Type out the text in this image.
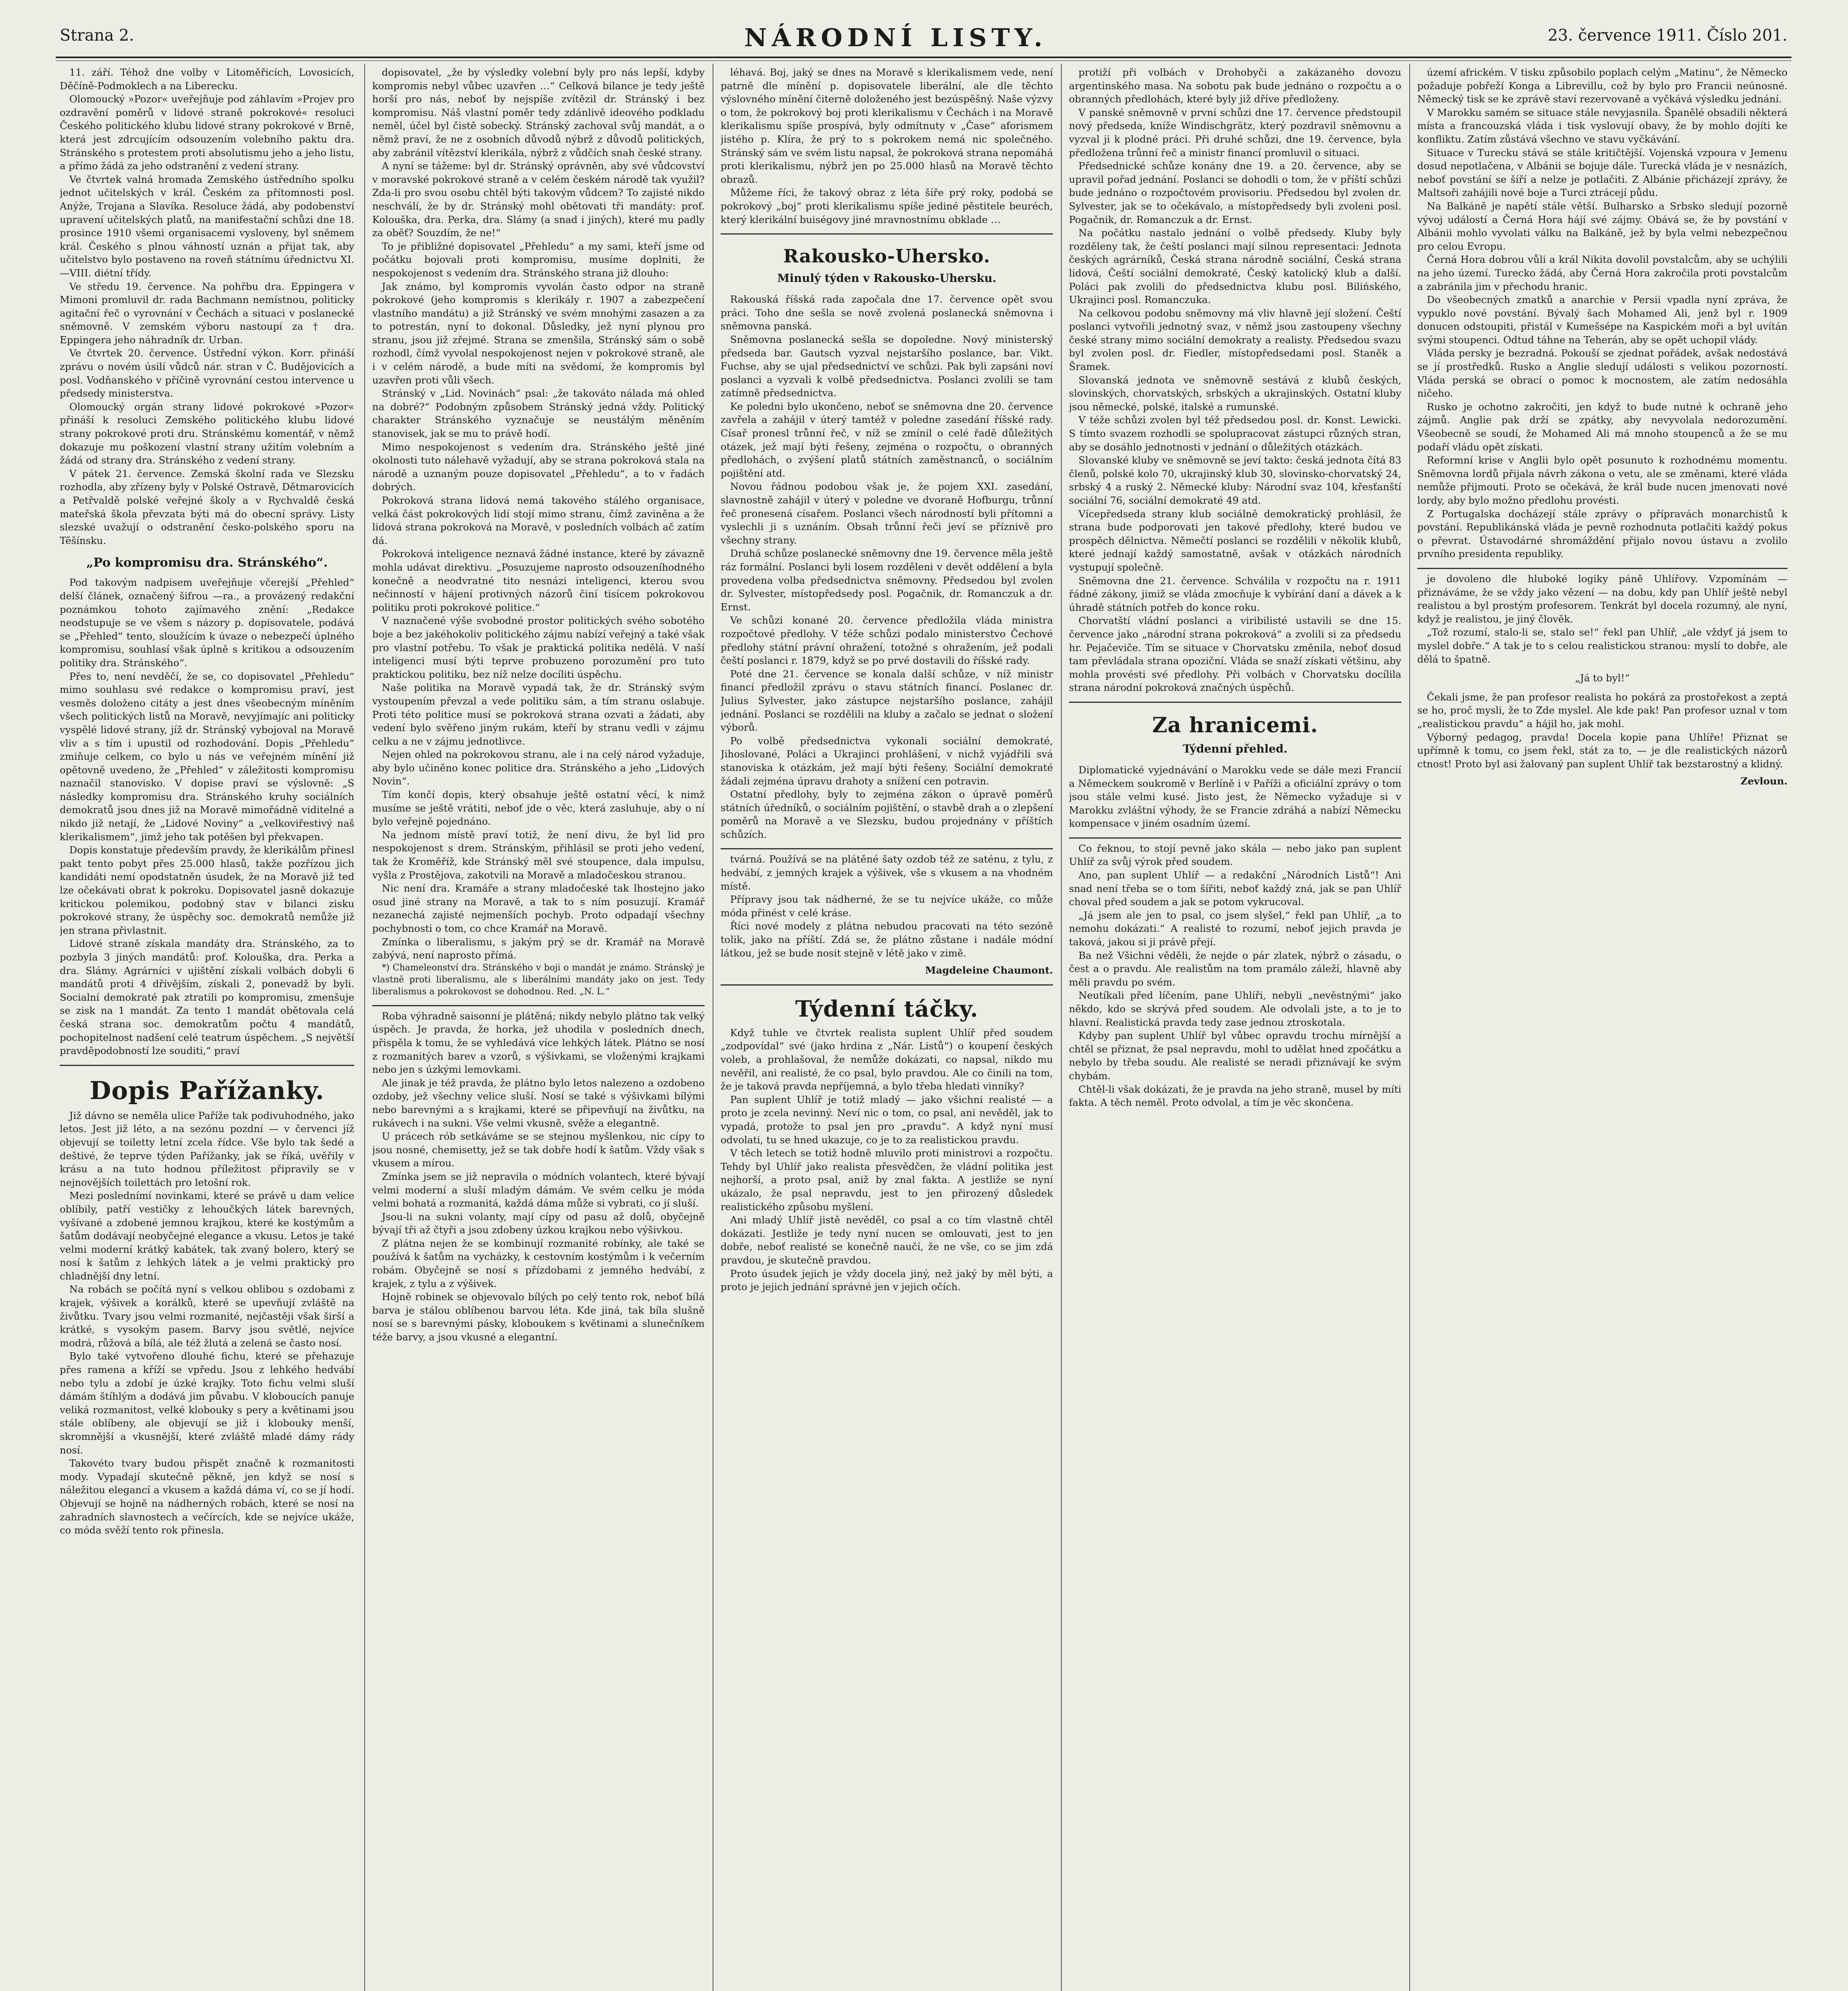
Strana 2.	NÁRODNÍ LISTY.	23. července 1911. Číslo 201.

11. září. Téhož dne volby v Litoměřicích, Lovosicích, Děčíně-Podmoklech a na Liberecku.

Olomoucký »Pozor« uveřejňuje pod záhlavím »Projev pro ozdravění poměrů v lidové straně pokrokové« resoluci Českého politického klubu lidové strany pokrokové v Brně, která jest zdrcujícím odsouzením volebního paktu dra. Stránského s protestem proti absolutismu jeho a jeho listu, a přímo žádá za jeho odstranění z vedení strany.

Ve čtvrtek valná hromada Zemského ústředního spolku jednot učitelských v král. Českém za přítomnosti posl. Anýže, Trojana a Slavíka. Resoluce žádá, aby podobenství upravení učitelských platů, na manifestační schůzi dne 18. prosince 1910 všemi organisacemi vysloveny, byl sněmem král. Českého s plnou váhností uznán a přijat tak, aby učitelstvo bylo postaveno na roveň státnímu úřednictvu XI.—VIII. diétní třídy.

Ve středu 19. července. Na pohřbu dra. Eppingera v Mimoni promluvil dr. rada Bachmann nemístnou, politicky agitační řeč o vyrovnání v Čechách a situaci v poslanecké sněmovně. V zemském výboru nastoupí za † dra. Eppingera jeho náhradník dr. Urban.

Ve čtvrtek 20. července. Ústřední výkon. Korr. přináší zprávu o novém úsilí vůdců nár. stran v Č. Budějovicích a posl. Vodňanského v příčině vyrovnání cestou intervence u předsedy ministerstva.

Olomoucký orgán strany lidové pokrokové »Pozor« přináší k resoluci Zemského politického klubu lidové strany pokrokové proti dru. Stránskému komentář, v němž dokazuje mu poškození vlastní strany užitím volebním a žádá od strany dra. Stránského z vedení strany.

V pátek 21. července. Zemská školní rada ve Slezsku rozhodla, aby zřízeny byly v Polské Ostravě, Dětmarovicích a Petřvaldě polské veřejné školy a v Rychvaldě česká mateřská škola převzata býti má do obecní správy. Listy slezské uvažují o odstranění česko-polského sporu na Těšínsku.

„Po kompromisu dra. Stránského“.

Pod takovým nadpisem uveřejňuje včerejší „Přehled“ delší článek, označený šifrou —ra., a provázený redakční poznámkou tohoto zajímavého znění: „Redakce neodstupuje se ve všem s názory p. dopisovatele, podává se „Přehled“ tento, sloužícím k úvaze o nebezpečí úplného kompromisu, souhlasí však úplně s kritikou a odsouzením politiky dra. Stránského“.

Přes to, není nevděčí, že se, co dopisovatel „Přehledu“ mimo souhlasu své redakce o kompromisu praví, jest vesměs doloženo citáty a jest dnes všeobecným míněním všech politických listů na Moravě, nevyjímajíc ani politicky vyspělé lidové strany, jíž dr. Stránský vybojoval na Moravě vliv a s tím i upustil od rozhodování. Dopis „Přehledu“ zmiňuje celkem, co bylo u nás ve veřejném mínění již opětovně uvedeno, že „Přehled“ v záležitosti kompromisu naznačil stanovisko. V dopise praví se výslovně: „S následky kompromisu dra. Stránského kruhy sociálních demokratů jsou dnes již na Moravě mimořádně viditelné a nikdo již netají, že „Lidové Noviny“ a „velkoviřestivý naš klerikalismem“, jimž jeho tak potěšen byl překvapen.

Dopis konstatuje především pravdy, že klerikálům přinesl pakt tento pobyt přes 25.000 hlasů, takže pozřízou jich kandidáti nemí opodstatněn úsudek, že na Moravě již teď lze očekávati obrat k pokroku. Dopisovatel jasně dokazuje kritickou polemikou, podobný stav v bilanci zisku pokrokové strany, že úspěchy soc. demokratů nemůže již jen strana přivlastnit.

Lidové straně získala mandáty dra. Stránského, za to pozbyla 3 jiných mandátů: prof. Kolouška, dra. Perka a dra. Slámy. Agrárníci v ujištění získali volbách dobyli 6 mandátů proti 4 dřívějším, získali 2, ponevadž by byli. Socialní demokraté pak ztratili po kompromisu, zmenšuje se zisk na 1 mandát. Za tento 1 mandát obětovala celá česká strana soc. demokratům počtu 4 mandátů, pochopitelnost nadšení celé teatrum úspěchem. „S největší pravděpodobností lze souditi,“ praví

Dopis Pařížanky.

Již dávno se neměla ulice Paříže tak podivuhodného, jako letos. Jest již léto, a na sezónu pozdní — v červenci jíž objevují se toiletty letní zcela řídce. Vše bylo tak šedé a deštivé, že teprve týden Pařížanky, jak se říká, uvěřily v krásu a na tuto hodnou příležitost připravily se v nejnovějších toilettách pro letošní rok.

Mezi poslednímí novinkami, které se právě u dam velice oblíbily, patří vestičky z lehoučkých látek barevných, vyšívané a zdobené jemnou krajkou, které ke kostýmům a šatům dodávají neobyčejné elegance a vkusu. Letos je také velmi moderní krátký kabátek, tak zvaný bolero, který se nosí k šatům z lehkých látek a je velmi praktický pro chladnější dny letní.

Na robách se počítá nyní s velkou oblibou s ozdobami z krajek, výšivek a korálků, které se upevňují zvláště na živůtku. Tvary jsou velmi rozmanité, nejčastěji však širší a krátké, s vysokým pasem. Barvy jsou světlé, nejvíce modrá, růžová a bílá, ale též žlutá a zelená se často nosí.

Bylo také vytvořeno dlouhé fichu, které se přehazuje přes ramena a kříží se vpředu. Jsou z lehkého hedvábí nebo tylu a zdobí je úzké krajky. Toto fichu velmi sluší dámám štíhlým a dodává jim půvabu. V kloboucích panuje veliká rozmanitost, velké klobouky s pery a květinami jsou stále oblíbeny, ale objevují se již i klobouky menší, skromnější a vkusnější, které zvláště mladé dámy rády nosí.

Takovéto tvary budou přispět značně k rozmanitosti mody. Vypadají skutečně pěkně, jen když se nosí s náležitou elegancí a vkusem a každá dáma ví, co se jí hodí. Objevují se hojně na nádherných robách, které se nosí na zahradních slavnostech a večírcích, kde se nejvíce ukáže, co móda svěží tento rok přinesla.

dopisovatel, „že by výsledky volební byly pro nás lepší, kdyby kompromis nebyl vůbec uzavřen …“ Celková bilance je tedy ještě horší pro nás, neboť by nejspíše zvítězil dr. Stránský i bez kompromisu. Náš vlastní poměr tedy zdánlivě ideového podkladu neměl, účel byl čistě sobecký. Stránský zachoval svůj mandát, a o němž praví, že ne z osobních důvodů nýbrž z důvodů politických, aby zabránil vítězství klerikála, nýbrž z vůdčích snah české strany.

A nyní se tážeme: byl dr. Stránský oprávněn, aby své vůdcovství v moravské pokrokové straně a v celém českém národě tak využil? Zda-li pro svou osobu chtěl býti takovým vůdcem? To zajisté nikdo neschválí, že by dr. Stránský mohl obětovati tři mandáty: prof. Kolouška, dra. Perka, dra. Slámy (a snad i jiných), které mu padly za oběť? Souzdím, že ne!“

To je přibližné dopisovatel „Přehledu“ a my sami, kteří jsme od počátku bojovali proti kompromisu, musíme doplniti, že nespokojenost s vedením dra. Stránského strana již dlouho:

Jak známo, byl kompromis vyvolán často odpor na straně pokrokové (jeho kompromis s klerikály r. 1907 a zabezpečení vlastního mandátu) a již Stránský ve svém mnohými zasazen a za to potrestán, nyní to dokonal. Důsledky, jež nyní plynou pro stranu, jsou již zřejmé. Strana se zmenšila, Stránský sám o sobě rozhodl, čímž vyvolal nespokojenost nejen v pokrokové straně, ale i v celém národě, a bude míti na svědomí, že kompromis byl uzavřen proti vůli všech.

Stránský v „Lid. Novinách“ psal: „že takováto nálada má ohled na dobré?“ Podobným způsobem Stránský jedná vždy. Politický charakter Stránského vyznačuje se neustálým měněním stanovisek, jak se mu to právě hodí.

Mimo nespokojenost s vedením dra. Stránského ještě jiné okolnosti tuto nálehavě vyžadují, aby se strana pokroková stala na národě a uznaným pouze dopisovatel „Přehledu“, a to v řadách dobrých.

Pokroková strana lidová nemá takového stálého organisace, velká část pokrokových lidí stojí mimo stranu, čímž zaviněna a že lidová strana pokroková na Moravě, v posledních volbách ač zatím dá.

Pokroková inteligence neznavá žádné instance, které by závazně mohla udávat direktivu. „Posuzujeme naprosto odsouzeníhodného konečně a neodvratné tito nesnázi inteligenci, kterou svou nečinností v hájení protivných názorů činí tisícem pokrokovou politiku proti pokrokové politice.“

V naznačené výše svobodné prostor politických svého sobotého boje a bez jakéhokoliv politického zájmu nabízí veřejný a také však pro vlastní potřebu. To však je praktická politika nedělá. V naší inteligenci musí býti teprve probuzeno porozumění pro tuto praktickou politiku, bez níž nelze docíliti úspěchu.

Naše politika na Moravě vypadá tak, že dr. Stránský svým vystoupením převzal a vede politiku sám, a tím stranu oslabuje. Proti této politice musí se pokroková strana ozvati a žádati, aby vedení bylo svěřeno jiným rukám, kteří by stranu vedli v zájmu celku a ne v zájmu jednotlivce.

Nejen ohled na pokrokovou stranu, ale i na celý národ vyžaduje, aby bylo učiněno konec politice dra. Stránského a jeho „Lidových Novin“.

Tím končí dopis, který obsahuje ještě ostatní věcí, k nimž musíme se ještě vrátiti, neboť jde o věc, která zasluhuje, aby o ní bylo veřejně pojednáno.

Na jednom místě praví totiž, že není divu, že byl lid pro nespokojenost s drem. Stránským, přihlásil se proti jeho vedení, tak že Kroměříž, kde Stránský měl své stoupence, dala impulsu, vyšla z Prostějova, zakotvili na Moravě a mladočeskou stranou.

Nic není dra. Kramáře a strany mladočeské tak lhostejno jako osud jiné strany na Moravě, a tak to s ním posuzují. Kramář nezanechá zajisté nejmenších pochyb. Proto odpadají všechny pochybnosti o tom, co chce Kramář na Moravě.

Zmínka o liberalismu, s jakým prý se dr. Kramář na Moravě zabývá, není naprosto přímá.

*) Chameleonství dra. Stránského v boji o mandát je známo. Stránský je vlastně proti liberalismu, ale s liberálními mandáty jako on jest. Tedy liberalismus a pokrokovost se dohodnou. Red. „N. L.“

Roba výhradně saisonní je plátěná; nikdy nebylo plátno tak velký úspěch. Je pravda, že horka, jež uhodila v posledních dnech, přispěla k tomu, že se vyhledává více lehkých látek. Plátno se nosí z rozmanitých barev a vzorů, s výšivkami, se vloženými krajkami nebo jen s úzkými lemovkami.

Ale jinak je též pravda, že plátno bylo letos nalezeno a ozdobeno ozdoby, jež všechny velice sluší. Nosí se také s výšivkami bílými nebo barevnými a s krajkami, které se připevňují na živůtku, na rukávech i na sukni. Vše velmi vkusně, svěže a elegantně.

U prácech rób setkáváme se se stejnou myšlenkou, nic cípy to jsou nosné, chemisetty, jež se tak dobře hodí k šatům. Vždy však s vkusem a mírou.

Zmínka jsem se již nepravila o módních volantech, které bývají velmi moderní a sluší mladým dámám. Ve svém celku je móda velmi bohatá a rozmanitá, každá dáma může si vybrati, co jí sluší.

Jsou-li na sukni volanty, mají cípy od pasu až dolů, obyčejně bývají tři až čtyři a jsou zdobeny úzkou krajkou nebo výšivkou.

Z plátna nejen že se kombinují rozmanité robínky, ale také se používá k šatům na vycházky, k cestovním kostýmům i k večerním robám. Obyčejně se nosí s přízdobami z jemného hedvábí, z krajek, z tylu a z výšivek.

Hojně robinek se objevovalo bílých po celý tento rok, neboť bílá barva je stálou oblíbenou barvou léta. Kde jiná, tak bíla slušně nosí se s barevnými pásky, kloboukem s květinami a slunečníkem téže barvy, a jsou vkusné a elegantní.

léhavá. Boj, jaký se dnes na Moravě s klerikalismem vede, není patrně dle mínění p. dopisovatele liberální, ale dle těchto výslovného mínění čiterně doloženého jest bezúspěšný. Naše výzvy o tom, že pokrokový boj proti klerikalismu v Čechách i na Moravě klerikalismu spíše prospívá, byly odmítnuty v „Čase“ aforismem jistého p. Klíra, že prý to s pokrokem nemá nic společného. Stránský sám ve svém listu napsal, že pokroková strana nepomáhá proti klerikalismu, nýbrž jen po 25.000 hlasů na Moravě těchto obrazů.

Můžeme říci, že takový obraz z léta šíře prý roky, podobá se pokrokový „boj“ proti klerikalismu spíše jediné pěstitele beuréch, který klerikální buiségovy jiné mravnostnímu obklade …

Rakousko-Uhersko.
Minulý týden v Rakousko-Uhersku.

Rakouská říšská rada započala dne 17. července opět svou práci. Toho dne sešla se nově zvolená poslanecká sněmovna i sněmovna panská.

Sněmovna poslanecká sešla se dopoledne. Nový ministerský předseda bar. Gautsch vyzval nejstaršího poslance, bar. Vikt. Fuchse, aby se ujal předsednictví ve schůzi. Pak byli zapsáni noví poslanci a vyzvali k volbě předsednictva. Poslanci zvolili se tam zatímně předsednictva.

Ke poledni bylo ukončeno, neboť se sněmovna dne 20. července zavřela a zahájil v úterý tamtéž v poledne zasedání říšské rady. Císař pronesl trůnní řeč, v níž se zmínil o celé řadě důležitých otázek, jež mají býti řešeny, zejména o rozpočtu, o obranných předlohách, o zvýšení platů státních zaměstnanců, o sociálním pojištění atd.

Novou řádnou podobou však je, že pojem XXI. zasedání, slavnostně zahájil v úterý v poledne ve dvoraně Hofburgu, trůnní řeč pronesená císařem. Poslanci všech národností byli přítomni a vyslechli ji s uznáním. Obsah trůnní řeči jeví se příznivě pro všechny strany.

Druhá schůze poslanecké sněmovny dne 19. července měla ještě ráz formální. Poslanci byli losem rozděleni v devět oddělení a byla provedena volba předsednictva sněmovny. Předsedou byl zvolen dr. Sylvester, místopředsedy posl. Pogačnik, dr. Romanczuk a dr. Ernst.

Ve schůzi konané 20. července předložila vláda ministra rozpočtové předlohy. V téže schůzi podalo ministerstvo Čechové předlohy státní právní ohražení, totožné s ohražením, jež podali čeští poslanci r. 1879, když se po prvé dostavili do říšské rady.

Poté dne 21. července se konala další schůze, v níž ministr financí předložil zprávu o stavu státních financí. Poslanec dr. Julius Sylvester, jako zástupce nejstaršího poslance, zahájil jednání. Poslanci se rozdělili na kluby a začalo se jednat o složení výborů.

Po volbě předsednictva vykonali sociální demokraté, Jihoslované, Poláci a Ukrajinci prohlášení, v nichž vyjádřili svá stanoviska k otázkám, jež mají býti řešeny. Sociální demokraté žádali zejména úpravu drahoty a snížení cen potravin.

Ostatní předlohy, byly to zejména zákon o úpravě poměrů státních úředníků, o sociálním pojištění, o stavbě drah a o zlepšení poměrů na Moravě a ve Slezsku, budou projednány v příštích schůzích.

tvárná. Používá se na plátěné šaty ozdob též ze saténu, z tylu, z hedvábí, z jemných krajek a výšivek, vše s vkusem a na vhodném místě.

Přípravy jsou tak nádherné, že se tu nejvíce ukáže, co může móda přinést v celé kráse.

Říci nové modely z plátna nebudou pracovati na této sezóně tolik, jako na příští. Zdá se, že plátno zůstane i nadále módní látkou, jež se bude nosit stejně v létě jako v zimě.

Magdeleine Chaumont.
Týdenní táčky.

Když tuhle ve čtvrtek realista suplent Uhlíř před soudem „zodpovídal“ své (jako hrdina z „Nár. Listů“) o koupení českých voleb, a prohlašoval, že nemůže dokázati, co napsal, nikdo mu nevěřil, ani realisté, že co psal, bylo pravdou. Ale co činili na tom, že je taková pravda nepříjemná, a bylo třeba hledati vinníky?

Pan suplent Uhlíř je totiž mladý — jako všichni realisté — a proto je zcela nevinný. Neví nic o tom, co psal, ani nevěděl, jak to vypadá, protože to psal jen pro „pravdu“. A když nyní musí odvolati, tu se hned ukazuje, co je to za realistickou pravdu.

V těch letech se totiž hodně mluvilo proti ministrovi a rozpočtu. Tehdy byl Uhlíř jako realista přesvědčen, že vládní politika jest nejhorší, a proto psal, aniž by znal fakta. A jestliže se nyní ukázalo, že psal nepravdu, jest to jen přirozený důsledek realistického způsobu myšlení.

Ani mladý Uhlíř jistě nevěděl, co psal a co tím vlastně chtěl dokázati. Jestliže je tedy nyní nucen se omlouvati, jest to jen dobře, neboť realisté se konečně naučí, že ne vše, co se jim zdá pravdou, je skutečně pravdou.

Proto úsudek jejich je vždy docela jiný, než jaký by měl býti, a proto je jejich jednání správné jen v jejich očích.

protiží při volbách v Drohobyči a zakázaného dovozu argentinského masa. Na sobotu pak bude jednáno o rozpočtu a o obranných předlohách, které byly již dříve předloženy.

V panské sněmovně v první schůzi dne 17. července předstoupil nový předseda, kníže Windischgrätz, který pozdravil sněmovnu a vyzval ji k plodné práci. Při druhé schůzi, dne 19. července, byla předložena trůnní řeč a ministr financí promluvil o situaci.

Předsednické schůze konány dne 19. a 20. července, aby se upravil pořad jednání. Poslanci se dohodli o tom, že v příští schůzi bude jednáno o rozpočtovém provisoriu. Předsedou byl zvolen dr. Sylvester, jak se to očekávalo, a místopředsedy byli zvoleni posl. Pogačnik, dr. Romanczuk a dr. Ernst.

Na počátku nastalo jednání o volbě předsedy. Kluby byly rozděleny tak, že čeští poslanci mají silnou representaci: Jednota českých agrárníků, Česká strana národně sociální, Česká strana lidová, Čeští sociální demokraté, Český katolický klub a další. Poláci pak zvolili do předsednictva klubu posl. Bilińského, Ukrajinci posl. Romanczuka.

Na celkovou podobu sněmovny má vliv hlavně její složení. Čeští poslanci vytvořili jednotný svaz, v němž jsou zastoupeny všechny české strany mimo sociální demokraty a realisty. Předsedou svazu byl zvolen posl. dr. Fiedler, místopředsedami posl. Staněk a Šramek.

Slovanská jednota ve sněmovně sestává z klubů českých, slovinských, chorvatských, srbských a ukrajinských. Ostatní kluby jsou německé, polské, italské a rumunské.

V téže schůzi zvolen byl též předsedou posl. dr. Konst. Lewicki. S tímto svazem rozhodli se spolupracovat zástupci různých stran, aby se dosáhlo jednotnosti v jednání o důležitých otázkách.

Slovanské kluby ve sněmovně se jeví takto: česká jednota čítá 83 členů, polské kolo 70, ukrajinský klub 30, slovinsko-chorvatský 24, srbský 4 a ruský 2. Německé kluby: Národní svaz 104, křesťanští sociální 76, sociální demokraté 49 atd.

Vícepředseda strany klub sociálně demokratický prohlásil, že strana bude podporovati jen takové předlohy, které budou ve prospěch dělnictva. Němečtí poslanci se rozdělili v několik klubů, které jednají každý samostatně, avšak v otázkách národních vystupují společně.

Sněmovna dne 21. července. Schválila v rozpočtu na r. 1911 řádné zákony, jimiž se vláda zmocňuje k vybírání daní a dávek a k úhradě státních potřeb do konce roku.

Chorvatští vládní poslanci a viribilisté ustavili se dne 15. července jako „národní strana pokroková“ a zvolili si za předsedu hr. Pejačeviče. Tím se situace v Chorvatsku změnila, neboť dosud tam převládala strana opoziční. Vláda se snaží získati většinu, aby mohla provésti své předlohy. Při volbách v Chorvatsku docílila strana národní pokroková značných úspěchů.

Za hranicemi.
Týdenní přehled.

Diplomatické vyjednávání o Marokku vede se dále mezi Francií a Německem soukromě v Berlíně i v Paříži a oficiální zprávy o tom jsou stále velmi kusé. Jisto jest, že Německo vyžaduje si v Marokku zvláštní výhody, že se Francie zdráhá a nabízí Německu kompensace v jiném osadním území.

Co řeknou, to stojí pevně jako skála — nebo jako pan suplent Uhlíř za svůj výrok před soudem.

Ano, pan suplent Uhlíř — a redakční „Národních Listů“! Ani snad není třeba se o tom šířiti, neboť každý zná, jak se pan Uhlíř choval před soudem a jak se potom vykrucoval.

„Já jsem ale jen to psal, co jsem slyšel,“ řekl pan Uhlíř, „a to nemohu dokázati.“ A realisté to rozumí, neboť jejich pravda je taková, jakou si ji právě přejí.

Ba než Všichni věděli, že nejde o pár zlatek, nýbrž o zásadu, o čest a o pravdu. Ale realistům na tom pramálo záleží, hlavně aby měli pravdu po svém.

Neutíkali před líčením, pane Uhlíři, nebyli „nevěstnými“ jako někdo, kdo se skrývá před soudem. Ale odvolali jste, a to je to hlavní. Realistická pravda tedy zase jednou ztroskotala.

Kdyby pan suplent Uhlíř byl vůbec opravdu trochu mírnější a chtěl se přiznat, že psal nepravdu, mohl to udělat hned zpočátku a nebylo by třeba soudu. Ale realisté se neradi přiznávají ke svým chybám.

Chtěl-li však dokázati, že je pravda na jeho straně, musel by míti fakta. A těch neměl. Proto odvolal, a tím je věc skončena.

území africkém. V tisku způsobilo poplach celým „Matinu“, že Německo požaduje pobřeží Konga a Librevillu, což by bylo pro Francii neúnosné. Německý tisk se ke zprávě staví rezervovaně a vyčkává výsledku jednání.

V Marokku samém se situace stále nevyjasnila. Španělé obsadili některá místa a francouzská vláda i tisk vyslovují obavy, že by mohlo dojíti ke konfliktu. Zatím zůstává všechno ve stavu vyčkávání.

Situace v Turecku stává se stále kritičtější. Vojenská vzpoura v Jemenu dosud nepotlačena, v Albánii se bojuje dále. Turecká vláda je v nesnázích, neboť povstání se šíří a nelze je potlačiti. Z Albánie přicházejí zprávy, že Maltsoři zahájili nové boje a Turci ztrácejí půdu.

Na Balkáně je napětí stále větší. Bulharsko a Srbsko sledují pozorně vývoj událostí a Černá Hora hájí své zájmy. Obává se, že by povstání v Albánii mohlo vyvolati válku na Balkáně, jež by byla velmi nebezpečnou pro celou Evropu.

Černá Hora dobrou vůli a král Nikita dovolil povstalcům, aby se uchýlili na jeho území. Turecko žádá, aby Černá Hora zakročila proti povstalcům a zabránila jim v přechodu hranic.

Do všeobecných zmatků a anarchie v Persii vpadla nyní zpráva, že vypuklo nové povstání. Bývalý šach Mohamed Ali, jenž byl r. 1909 donucen odstoupiti, přistál v Kumešsépe na Kaspickém moři a byl uvítán svými stoupenci. Odtud táhne na Teherán, aby se opět uchopil vlády.

Vláda persky je bezradná. Pokouší se zjednat pořádek, avšak nedostává se jí prostředků. Rusko a Anglie sledují události s velikou pozorností. Vláda perská se obrací o pomoc k mocnostem, ale zatím nedosáhla ničeho.

Rusko je ochotno zakročiti, jen když to bude nutné k ochraně jeho zájmů. Anglie pak drží se zpátky, aby nevyvolala nedorozumění. Všeobecně se soudí, že Mohamed Ali má mnoho stoupenců a že se mu podaří vládu opět získati.

Reformní krise v Anglii bylo opět posunuto k rozhodnému momentu. Sněmovna lordů přijala návrh zákona o vetu, ale se změnami, které vláda nemůže přijmouti. Proto se očekává, že král bude nucen jmenovati nové lordy, aby bylo možno předlohu provésti.

Z Portugalska docházejí stále zprávy o přípravách monarchistů k povstání. Republikánská vláda je pevně rozhodnuta potlačiti každý pokus o převrat. Ústavodárné shromáždění přijalo novou ústavu a zvolilo prvního presidenta republiky.

je dovoleno dle hluboké logiky páně Uhlířovy. Vzpomínám — přiznáváme, že se vždy jako vězení — na dobu, kdy pan Uhlíř ještě nebyl realistou a byl prostým profesorem. Tenkrát byl docela rozumný, ale nyní, když je realistou, je jiný člověk.

„Tož rozumí, stalo-li se, stalo se!“ řekl pan Uhlíř, „ale vždyť já jsem to myslel dobře.“ A tak je to s celou realistickou stranou: myslí to dobře, ale dělá to špatně.

„Já to byl!“

Čekali jsme, že pan profesor realista ho pokárá za prostořekost a zeptá se ho, proč mysli, že to Zde myslel. Ale kde pak! Pan profesor uznal v tom „realistickou pravdu“ a hájil ho, jak mohl.

Výborný pedagog, pravda! Docela kopie pana Uhlíře! Přiznat se upřímně k tomu, co jsem řekl, stát za to, — je dle realistických názorů ctnost! Proto byl asi žalovaný pan suplent Uhlíř tak bezstarostný a klidný.

Zevloun.
